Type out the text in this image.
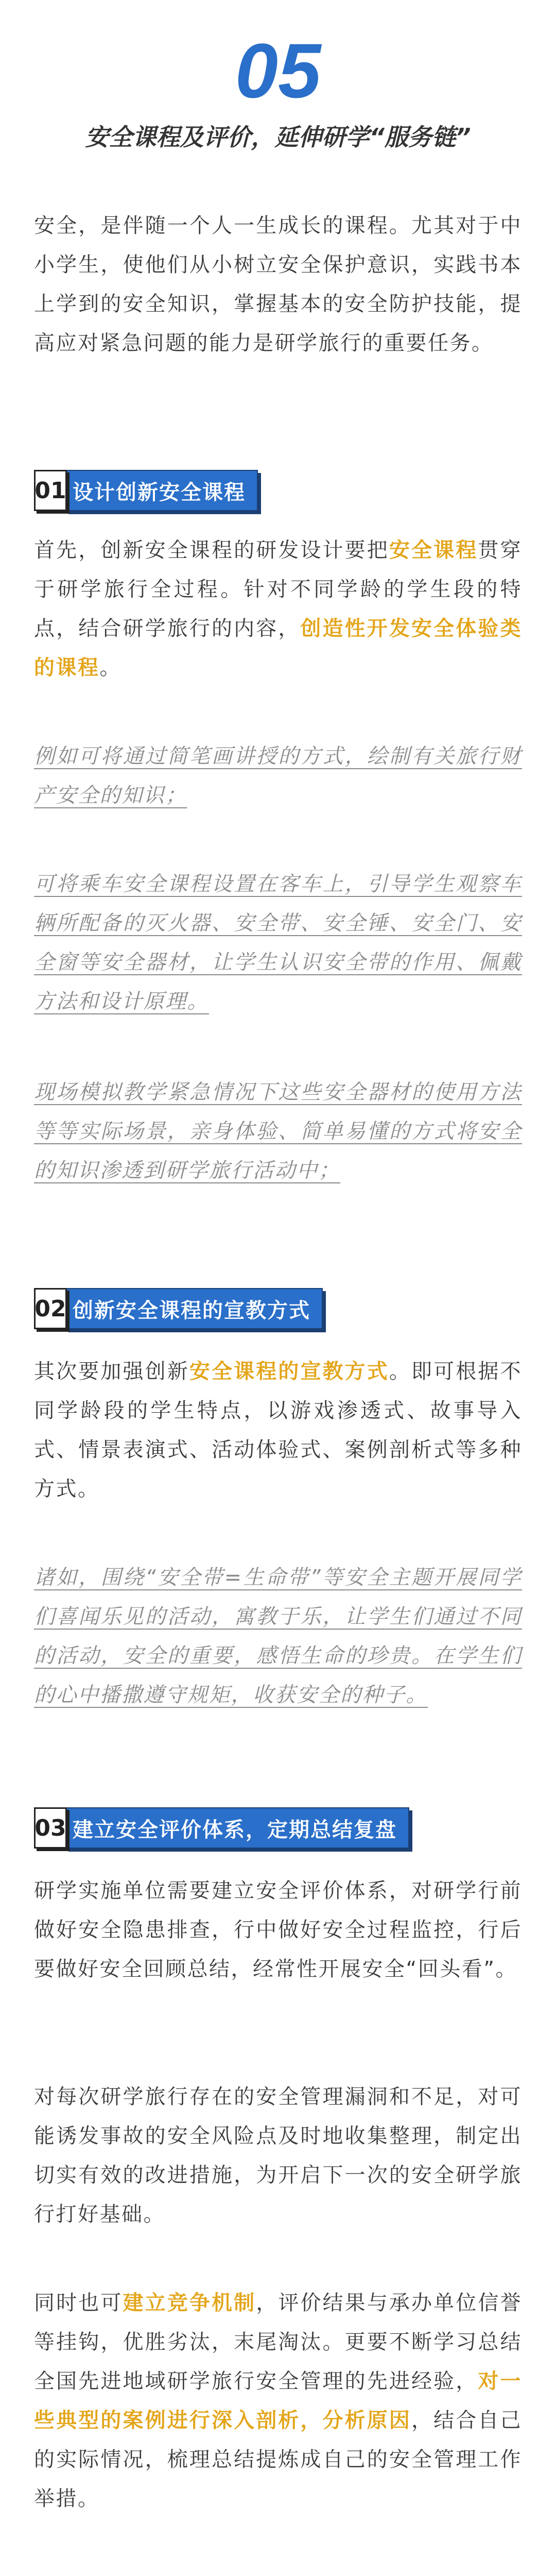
05
安全课程及评价，延伸研学“服务链”

安全，是伴随一个人一生成长的课程。尤其对于中小学生，使他们从小树立安全保护意识，实践书本上学到的安全知识，掌握基本的安全防护技能，提高应对紧急问题的能力是研学旅行的重要任务。

01 设计创新安全课程

首先，创新安全课程的研发设计要把安全课程贯穿于研学旅行全过程。针对不同学龄的学生段的特点，结合研学旅行的内容，创造性开发安全体验类的课程。

例如可将通过简笔画讲授的方式，绘制有关旅行财产安全的知识；

可将乘车安全课程设置在客车上，引导学生观察车辆所配备的灭火器、安全带、安全锤、安全门、安全窗等安全器材，让学生认识安全带的作用、佩戴方法和设计原理。

现场模拟教学紧急情况下这些安全器材的使用方法等等实际场景，亲身体验、简单易懂的方式将安全的知识渗透到研学旅行活动中；

02 创新安全课程的宣教方式

其次要加强创新安全课程的宣教方式。即可根据不同学龄段的学生特点，以游戏渗透式、故事导入式、情景表演式、活动体验式、案例剖析式等多种方式。

诸如，围绕“安全带=生命带”等安全主题开展同学们喜闻乐见的活动，寓教于乐，让学生们通过不同的活动，安全的重要，感悟生命的珍贵。在学生们的心中播撒遵守规矩，收获安全的种子。

03 建立安全评价体系，定期总结复盘

研学实施单位需要建立安全评价体系，对研学行前做好安全隐患排查，行中做好安全过程监控，行后要做好安全回顾总结，经常性开展安全“回头看”。

对每次研学旅行存在的安全管理漏洞和不足，对可能诱发事故的安全风险点及时地收集整理，制定出切实有效的改进措施，为开启下一次的安全研学旅行打好基础。

同时也可建立竞争机制，评价结果与承办单位信誉等挂钩，优胜劣汰，末尾淘汰。更要不断学习总结全国先进地域研学旅行安全管理的先进经验，对一些典型的案例进行深入剖析，分析原因，结合自己的实际情况，梳理总结提炼成自己的安全管理工作举措。
